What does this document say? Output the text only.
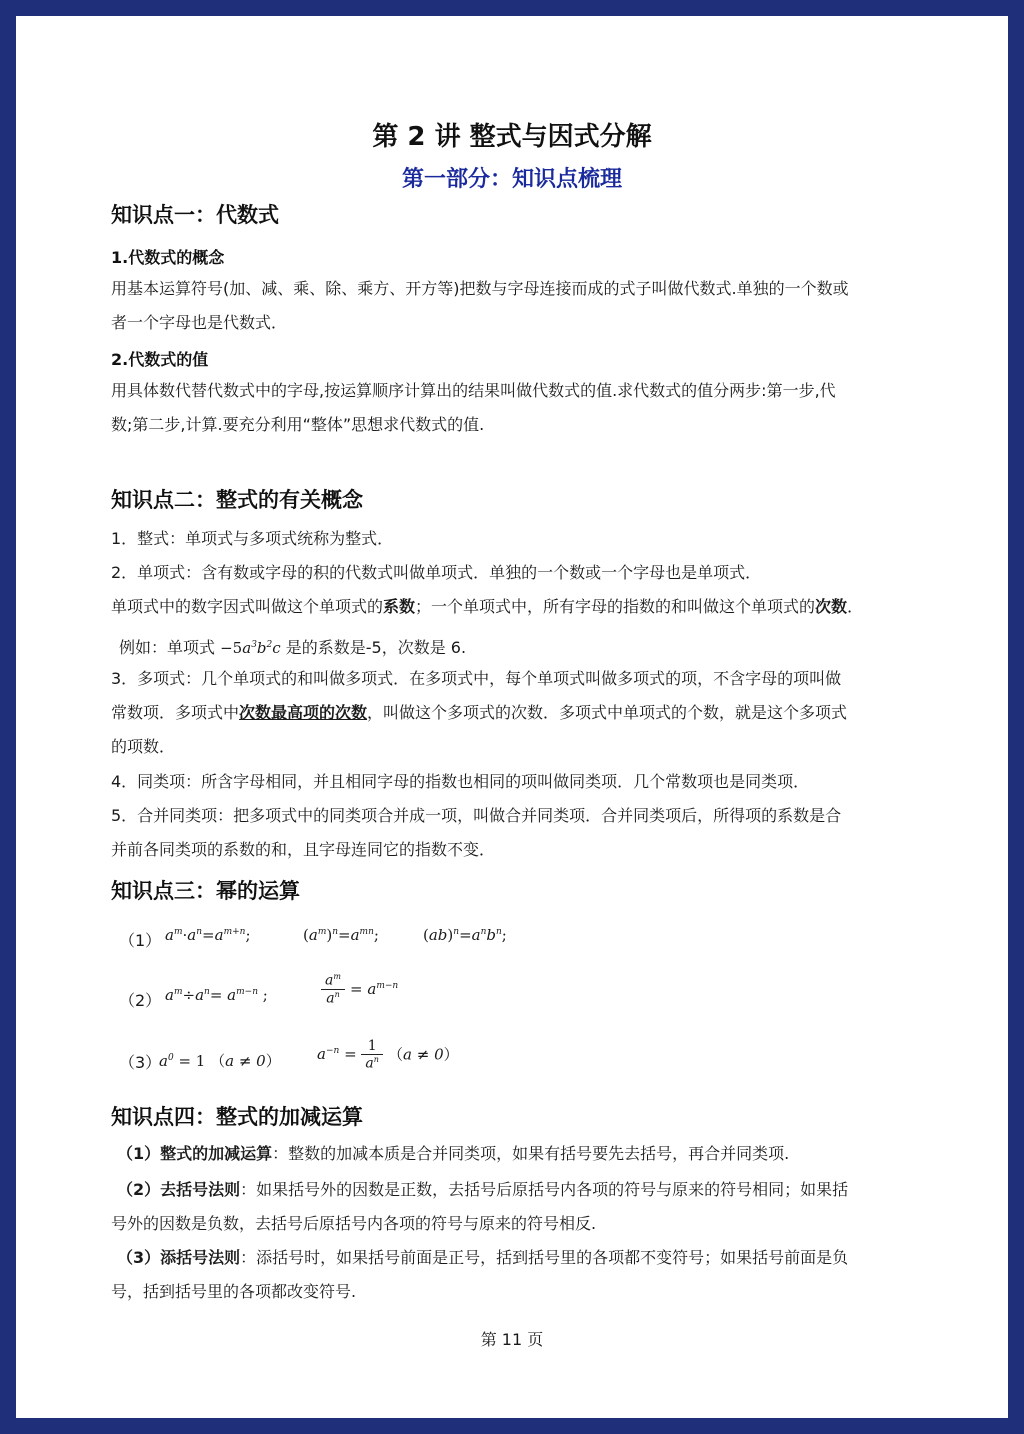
第 2 讲 整式与因式分解
第一部分：知识点梳理
知识点一：代数式
1.代数式的概念
用基本运算符号(加、减、乘、除、乘方、开方等)把数与字母连接而成的式子叫做代数式.单独的一个数或
者一个字母也是代数式．
2.代数式的值
用具体数代替代数式中的字母,按运算顺序计算出的结果叫做代数式的值.求代数式的值分两步:第一步,代
数;第二步,计算.要充分利用“整体”思想求代数式的值.
知识点二：整式的有关概念
1．整式：单项式与多项式统称为整式．
2．单项式：含有数或字母的积的代数式叫做单项式．单独的一个数或一个字母也是单项式．
单项式中的数字因式叫做这个单项式的系数；一个单项式中，所有字母的指数的和叫做这个单项式的次数．
例如：单项式 $-5a^3b^2c$ 是的系数是-5，次数是 6.
3．多项式：几个单项式的和叫做多项式．在多项式中，每个单项式叫做多项式的项，不含字母的项叫做
常数项．多项式中次数最高项的次数，叫做这个多项式的次数．多项式中单项式的个数，就是这个多项式
的项数．
4．同类项：所含字母相同，并且相同字母的指数也相同的项叫做同类项．几个常数项也是同类项．
5．合并同类项：把多项式中的同类项合并成一项，叫做合并同类项．合并同类项后，所得项的系数是合
并前各同类项的系数的和，且字母连同它的指数不变．
知识点三：幂的运算
（1） $a^m\cdot a^n=a^{m+n}$;	$(a^m)^n=a^{mn}$;	$(ab)^n=a^nb^n$;
（2） $a^m\div a^n= a^{m-n}$ ;	$\frac{a^m}{a^n} = a^{m-n}$
（3）
$a^0 = 1$ （a ≠ 0） $a^{-n} = \frac{1}{a^n} (a \ne 0)$
知识点四：整式的加减运算
（1）整式的加减运算：整数的加减本质是合并同类项，如果有括号要先去括号，再合并同类项.
（2）去括号法则：如果括号外的因数是正数，去括号后原括号内各项的符号与原来的符号相同；如果括
号外的因数是负数，去括号后原括号内各项的符号与原来的符号相反.
（3）添括号法则：添括号时，如果括号前面是正号，括到括号里的各项都不变符号；如果括号前面是负
号，括到括号里的各项都改变符号.
第 11 页
